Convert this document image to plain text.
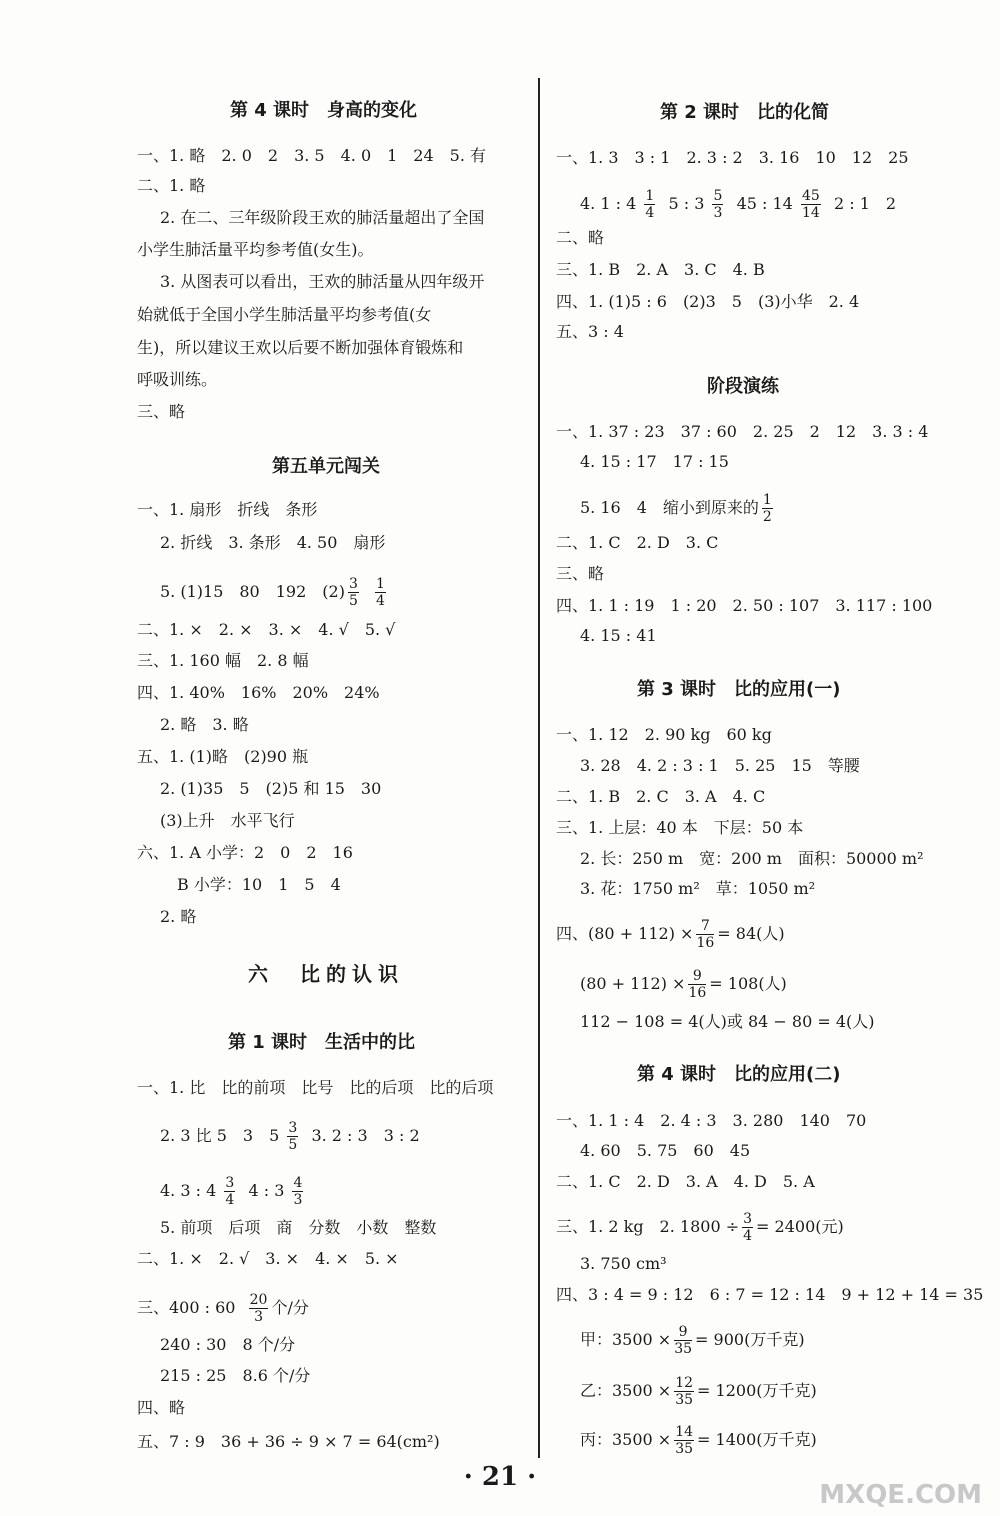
第 4 课时　身高的变化
一、1. 略　2. 0　2　3. 5　4. 0　1　24　5. 有
二、1. 略
2. 在二、三年级阶段王欢的肺活量超出了全国
小学生肺活量平均参考值(女生)。
3. 从图表可以看出，王欢的肺活量从四年级开
始就低于全国小学生肺活量平均参考值(女
生)，所以建议王欢以后要不断加强体育锻炼和
呼吸训练。
三、略
第五单元闯关
一、1. 扇形　折线　条形
2. 折线　3. 条形　4. 50　扇形
5. (1)15　80　192　$(2) \frac{3}{5}$
$\frac{1}{4}$
二、1. ×　2. ×　3. ×　4. √　5. √
三、1. 160 幅　2. 8 幅
四、1. 40%　16%　20%　24%
2. 略　3. 略
五、1. (1)略　(2)90 瓶
2. (1)35　5　(2)5 和 15　30
(3)上升　水平飞行
六、1. A 小学：2　0　2　16
B 小学：10　1　5　4
2. 略
六　比的认识
第 1 课时　生活中的比
一、1. 比　比的前项　比号　比的后项　比的后项
2. 3 比 5　3　$5 \frac{3}{5} 3$. 2 : 3　3 : 2
4. 3 : $4 \frac{3}{4} 4$ : $3 \frac{4}{3}$
5. 前项　后项　商　分数　小数　整数
二、1. ×　2. √　3. ×　4. ×　5. ×
三、400 : $60 \frac{20}{3}$ 个/分
240 : 30　8 个/分
215 : 25　8.6 个/分
四、略
五、7 : 9　36 + 36 ÷ 9 × 7 = 64(cm²)
第 2 课时　比的化简
一、1. 3　3 : 1　2. 3 : 2　3. 16　10　12　25
4. 1 : $4 \frac{1}{4} 5$ : $3 \frac{5}{3} 45$ : $14 \frac{45}{14} 2$ : 1　2
二、略
三、1. B　2. A　3. C　4. B
四、1. (1)5 : 6　(2)3　5　(3)小华　2. 4
五、3 : 4
阶段演练
一、1. 37 : 23　37 : 60　2. 25　2　12　3. 3 : 4
4. 15 : 17　17 : 15
5. 16　4　缩小到原来的 $\frac{1}{2}$
二、1. C　2. D　3. C
三、略
四、1. 1 : 19　1 : 20　2. 50 : 107　3. 117 : 100
4. 15 : 41
第 3 课时　比的应用(一)
一、1. 12　2. 90 kg　60 kg
3. 28　4. 2 : 3 : 1　5. 25　15　等腰
二、1. B　2. C　3. A　4. C
三、1. 上层：40 本　下层：50 本
2. 长：250 m　宽：200 m　面积：50000 m²
3. 花：1750 m²　草：1050 m²
四、$(80 + 112) \times \frac{7}{16} = 84$(人)
$(80 + 112) \times \frac{9}{16} = 108$(人)
112 − 108 = 4(人)或 84 − 80 = 4(人)
第 4 课时　比的应用(二)
一、1. 1 : 4　2. 4 : 3　3. 280　140　70
4. 60　5. 75　60　45
二、1. C　2. D　3. A　4. D　5. A
三、1. 2 kg　2. $1800 \div \frac{3}{4} = 2400$(元)
3. 750 cm³
四、3 : 4 = 9 : 12　6 : 7 = 12 : 14　9 + 12 + 14 = 35
甲：$3500 \times \frac{9}{35} = 900$(万千克)
乙：$3500 \times \frac{12}{35} = 1200$(万千克)
丙：$3500 \times \frac{14}{35} = 1400$(万千克)
· 21 ·
MXQE.COM
